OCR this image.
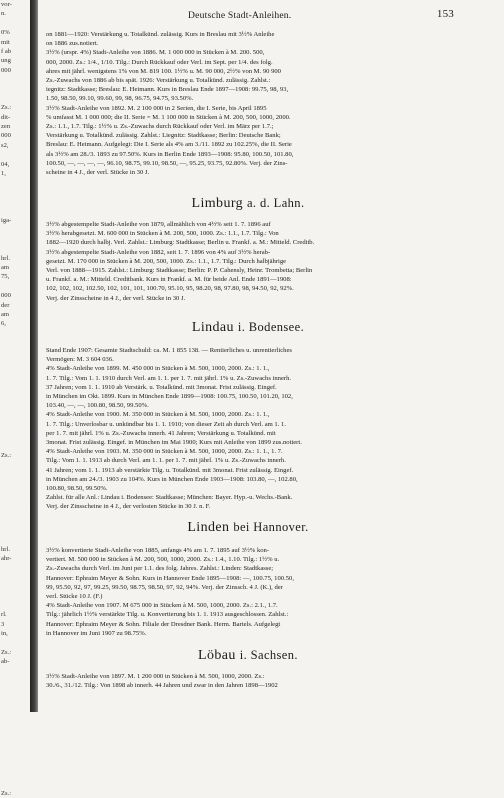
vor-
n.
0%
mit
f ab
ung
000
Zs.:
dit-
zen
000
s2,
04,
1,
iga-
hrl.
am
75,
000
der
am
6,
Zs.:
hrl.
ahr-
rl.
3
in,
Zs.:
ab-
Zs.:
Deutsche Stadt-Anleihen.	153

on 1881—1920: Verstärkung u. Totalkünd. zulässig. Kurs in Breslau mit 3½% Anleihe

on 1886 zus.notiert.

3½% (urspr. 4%) Stadt-Anleihe von 1886. M. 1 000 000 in Stücken à M. 200. 500,

000, 2000. Zs.: 1/4., 1/10. Tilg.: Durch Rückkauf oder Verl. im Sept. per 1/4. des folg.

ahres mit jährl. wenigstens 1% von M. 819 100. 1½% u. M. 90 000, 2½% von M. 90 900

Zs.-Zuwachs von 1886 ab bis spät. 1926: Verstärkung u. Totalkünd. zulässig. Zahlst.:

iegnitz: Stadtkasse; Breslau: E. Heimann. Kurs in Breslau Ende 1897—1908: 99.75, 98, 93,

1.50, 98.50, 99.10, 99.60, 99, 98, 96.75, 94.75, 93.50%.

3½% Stadt-Anleihe von 1892. M. 2 100 000 in 2 Serien, die I. Serie, bis April 1895

% umfasst M. 1 000 000; die II. Serie = M. 1 100 000 in Stücken à M. 200, 500, 1000, 2000.

Zs.: 1.1., 1.7. Tilg.: 1½% u. Zs.-Zuwachs durch Rückkauf oder Verl. im März per 1.7.;

Verstärkung u. Totalkünd. zulässig. Zahlst.: Liegnitz: Stadtkasse; Berlin: Deutsche Bank;

Breslau: E. Heimann. Aufgelegt: Die I. Serie als 4% am 3./11. 1892 zu 102.25%, die II. Serie

als 3½% am 28./3. 1893 zu 97.50%. Kurs in Berlin Ende 1893—1908: 95.80, 100.50, 101.80,

100.50, —, —, —, —, 96.10, 98.75, 99.10, 98.50, —, 95.25, 93.75, 92.80%. Verj. der Zins-

scheine in 4 J., der verl. Stücke in 30 J.

Limburg a. d. Lahn.

3½% abgestempelte Stadt-Anleihe von 1879, allmählich von 4½% seit 1. 7. 1896 auf

3½% herabgesetzt. M. 600 000 in Stücken à M. 200, 500, 1000. Zs.: 1.1., 1.7. Tilg.: Von

1882—1920 durch halbj. Verl. Zahlst.: Limburg: Stadtkasse; Berlin u. Frankf. a. M.: Mitteld. Creditb.

3½% abgestempelte Stadt-Anleihe von 1882, seit 1. 7. 1896 von 4% auf 3½% herab-

gesetzt. M. 170 000 in Stücken à M. 200, 500, 1000. Zs.: 1.1., 1.7. Tilg.: Durch halbjährige

Verl. von 1888—1915. Zahlst.: Limburg: Stadtkasse; Berlin: P. P. Cahensly, Heinr. Trombetta; Berlin

u. Frankf. a. M.: Mitteld. Creditbank. Kurs in Frankf. a. M. für beide Anl. Ende 1891—1908:

102, 102, 102, 102.50, 102, 101, 101, 100.70, 95.10, 95, 98.20, 98, 97.80, 98, 94.50, 92, 92%.

Verj. der Zinsscheine in 4 J., der verl. Stücke in 30 J.

Lindau i. Bodensee.

Stand Ende 1907: Gesamte Stadtschuld: ca. M. 1 855 138. — Rentierliches u. unrentierliches

Vermögen: M. 3 604 036.

4% Stadt-Anleihe von 1899. M. 450 000 in Stücken à M. 500, 1000, 2000. Zs.: 1. 1.,

1. 7. Tilg.: Vom 1. 1. 1910 durch Verl. am 1. 1. per 1. 7. mit jährl. 1% u. Zs.-Zuwachs innerh.

37 Jahren; vom 1. 1. 1910 ab Verstärk. u. Totalkünd. mit 3monat. Frist zulässig. Eingef.

in München im Okt. 1899. Kurs in München Ende 1899—1908: 100.75, 100.50, 101.20, 102,

103.40, —, —, 100.80, 98.50, 99.50%.

4% Stadt-Anleihe von 1900. M. 350 000 in Stücken à M. 500, 1000, 2000. Zs.: 1. 1.,

1. 7. Tilg.: Unverlosbar u. unkündbar bis 1. 1. 1910; von dieser Zeit ab durch Verl. am 1. 1.

per 1. 7. mit jährl. 1% u. Zs.-Zuwachs innerh. 41 Jahren; Verstärkung u. Totalkünd. mit

3monat. Frist zulässig. Eingef. in München im Mai 1900; Kurs mit Anleihe von 1899 zus.notiert.

4% Stadt-Anleihe von 1903. M. 350 000 in Stücken à M. 500, 1000, 2000. Zs.: 1. 1., 1. 7.

Tilg.: Vom 1. 1. 1913 ab durch Verl. am 1. 1. per 1. 7. mit jährl. 1% u. Zs.-Zuwachs innerh.

41 Jahren; vom 1. 1. 1913 ab verstärkte Tilg. u. Totalkünd. mit 3monat. Frist zulässig. Eingef.

in München am 24./3. 1903 zu 104%. Kurs in München Ende 1903—1908: 103.80, —, 102.80,

100.80, 98.50, 99.50%.

Zahlst. für alle Anl.: Lindau i. Bodensee: Stadtkasse; München: Bayer. Hyp.-u. Wechs.-Bank.

Verj. der Zinsscheine in 4 J., der verlosten Stücke in 30 J. n. F.

Linden bei Hannover.

3½% konvertierte Stadt-Anleihe von 1885, anfangs 4% am 1. 7. 1895 auf 3½% kon-

vertiert. M. 500 000 in Stücken à M. 200, 500, 1000, 2000. Zs.: 1.4., 1.10. Tilg.: 1½% u.

Zs.-Zuwachs durch Verl. im Juni per 1.1. des folg. Jahres. Zahlst.: Linden: Stadtkasse;

Hannover: Ephraim Meyer & Sohn. Kurs in Hannover Ende 1895—1908: —, 100.75, 100.50,

99, 95.50, 92, 97, 99.25, 99.50, 98.75, 98.50, 97, 92, 94%. Verj. der Zinssch. 4 J. (K.), der

verl. Stücke 10 J. (F.)

4% Stadt-Anleihe von 1907. M 675 000 in Stücken à M. 500, 1000, 2000. Zs.: 2.1., 1.7.

Tilg.: jährlich 1½% verstärkte Tilg. u. Konvertierung bis 1. 1. 1913 ausgeschlossen. Zahlst.:

Hannover: Ephraim Meyer & Sohn. Filiale der Dresdner Bank. Herm. Bartels. Aufgelegt

in Hannover im Juni 1907 zu 98.75%.

Löbau i. Sachsen.

3½% Stadt-Anleihe von 1897. M. 1 200 000 in Stücken à M. 500, 1000, 2000. Zs.:

30./6., 31./12. Tilg.: Von 1898 ab innerh. 44 Jahren und zwar in den Jahren 1898—1902
